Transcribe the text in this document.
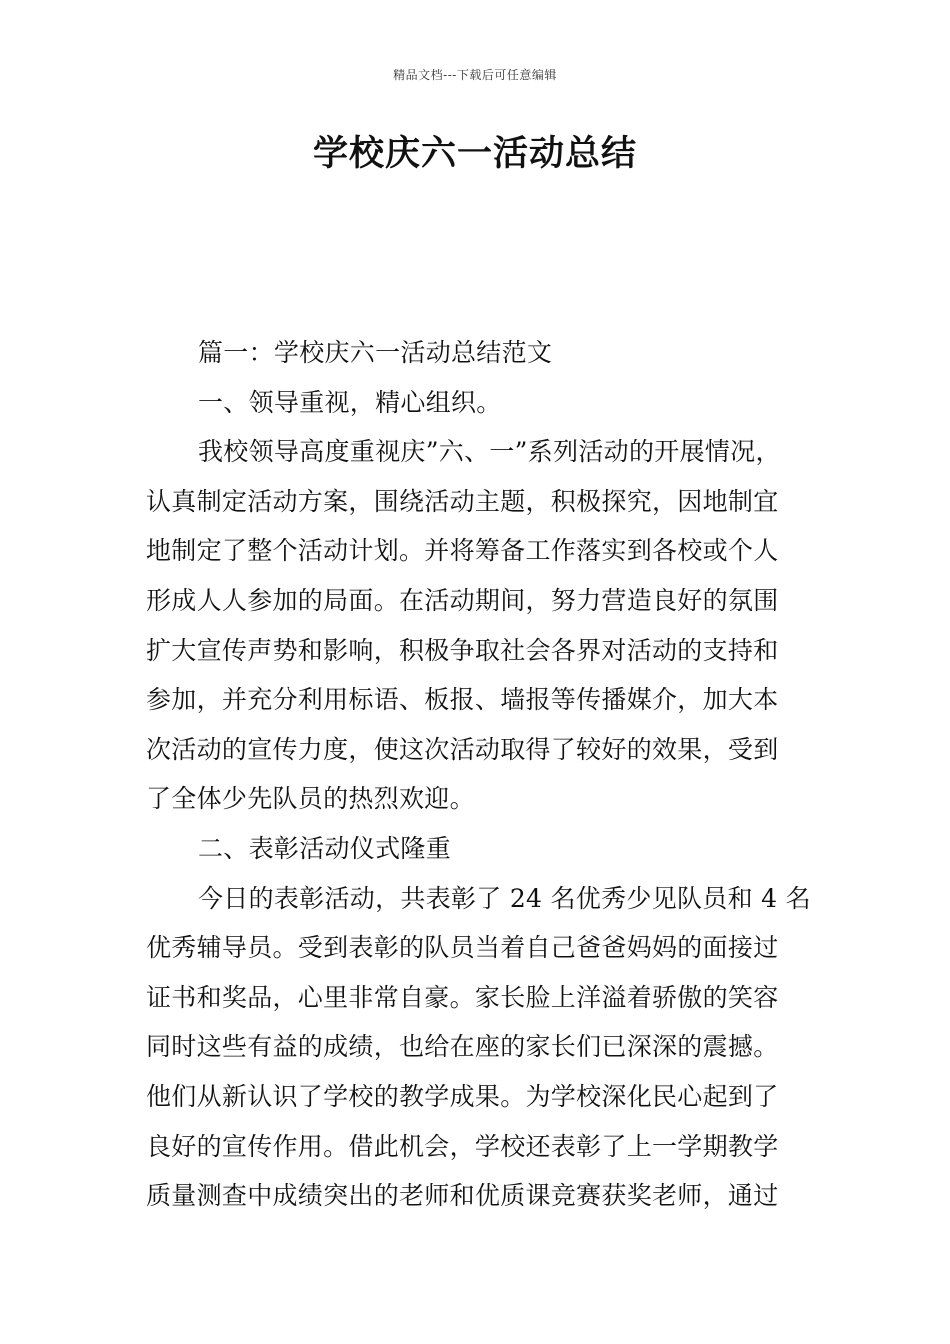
精品文档---下载后可任意编辑
学校庆六一活动总结
篇一：学校庆六一活动总结范文
一、领导重视，精心组织。
我校领导高度重视庆”六、一”系列活动的开展情况，
认真制定活动方案，围绕活动主题，积极探究，因地制宜
地制定了整个活动计划。并将筹备工作落实到各校或个人
形成人人参加的局面。在活动期间，努力营造良好的氛围
扩大宣传声势和影响，积极争取社会各界对活动的支持和
参加，并充分利用标语、板报、墙报等传播媒介，加大本
次活动的宣传力度，使这次活动取得了较好的效果，受到
了全体少先队员的热烈欢迎。
二、表彰活动仪式隆重
今日的表彰活动，共表彰了 24 名优秀少见队员和 4 名
优秀辅导员。受到表彰的队员当着自己爸爸妈妈的面接过
证书和奖品，心里非常自豪。家长脸上洋溢着骄傲的笑容
同时这些有益的成绩，也给在座的家长们已深深的震撼。
他们从新认识了学校的教学成果。为学校深化民心起到了
良好的宣传作用。借此机会，学校还表彰了上一学期教学
质量测查中成绩突出的老师和优质课竞赛获奖老师，通过
